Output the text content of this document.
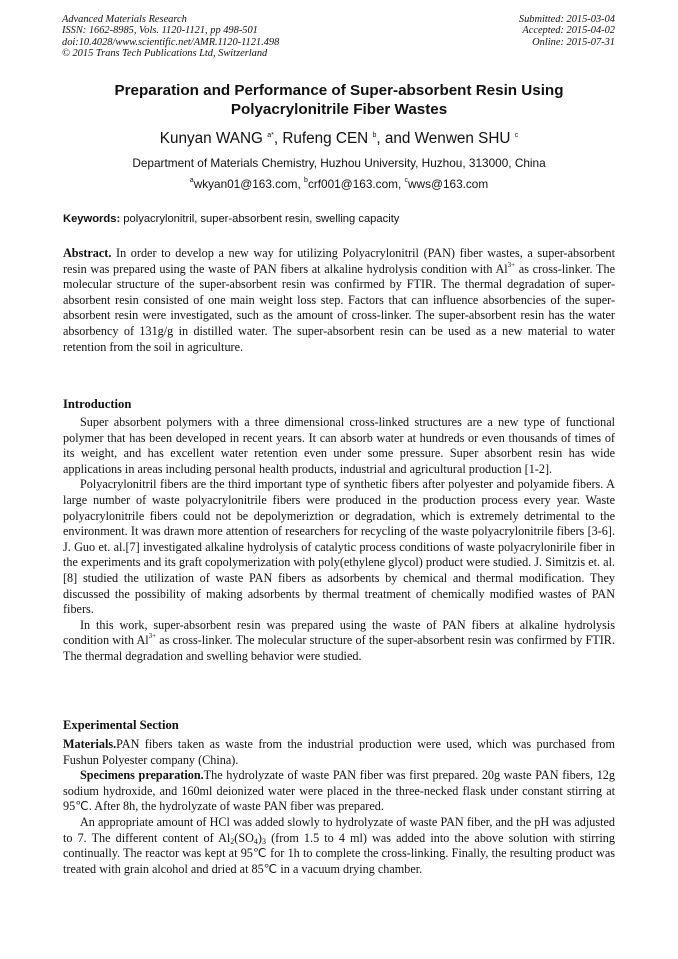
Advanced Materials Research
ISSN: 1662-8985, Vols. 1120-1121, pp 498-501
doi:10.4028/www.scientific.net/AMR.1120-1121.498
© 2015 Trans Tech Publications Ltd, Switzerland
Submitted: 2015-03-04
Accepted: 2015-04-02
Online: 2015-07-31
Preparation and Performance of Super-absorbent Resin Using
Polyacrylonitrile Fiber Wastes
Kunyan WANG $^{a*}$, Rufeng CEN $^b$, and Wenwen SHU $^c$
Department of Materials Chemistry, Huzhou University, Huzhou, 313000, China
$^a$wkyan01@163.com, $^b$crf001@163.com, $^c$wws@163.com
Keywords: polyacrylonitril, super-absorbent resin, swelling capacity

Abstract. In order to develop a new way for utilizing Polyacrylonitril (PAN) fiber wastes, a super-absorbent resin was prepared using the waste of PAN fibers at alkaline hydrolysis condition with $Al^{3+}$ as cross-linker. The molecular structure of the super-absorbent resin was confirmed by FTIR. The thermal degradation of super-absorbent resin consisted of one main weight loss step. Factors that can influence absorbencies of the super-absorbent resin were investigated, such as the amount of cross-linker. The super-absorbent resin has the water absorbency of 131g/g in distilled water. The super-absorbent resin can be used as a new material to water retention from the soil in agriculture.

Introduction

Super absorbent polymers with a three dimensional cross-linked structures are a new type of functional polymer that has been developed in recent years. It can absorb water at hundreds or even thousands of times of its weight, and has excellent water retention even under some pressure. Super absorbent resin has wide applications in areas including personal health products, industrial and agricultural production [1-2].

Polyacrylonitril fibers are the third important type of synthetic fibers after polyester and polyamide fibers. A large number of waste polyacrylonitrile fibers were produced in the production process every year. Waste polyacrylonitrile fibers could not be depolymeriztion or degradation, which is extremely detrimental to the environment. It was drawn more attention of researchers for recycling of the waste polyacrylonitrile fibers [3-6]. J. Guo et. al.[7] investigated alkaline hydrolysis of catalytic process conditions of waste polyacrylonirile fiber in the experiments and its graft copolymerization with poly(ethylene glycol) product were studied. J. Simitzis et. al.[8] studied the utilization of waste PAN fibers as adsorbents by chemical and thermal modification. They discussed the possibility of making adsorbents by thermal treatment of chemically modified wastes of PAN fibers.

In this work, super-absorbent resin was prepared using the waste of PAN fibers at alkaline hydrolysis condition with $Al^{3+}$ as cross-linker. The molecular structure of the super-absorbent resin was confirmed by FTIR. The thermal degradation and swelling behavior were studied.

Experimental Section

Materials.PAN fibers taken as waste from the industrial production were used, which was purchased from Fushun Polyester company (China).

Specimens preparation.The hydrolyzate of waste PAN fiber was first prepared. 20g waste PAN fibers, 12g sodium hydroxide, and 160ml deionized water were placed in the three-necked flask under constant stirring at 95℃. After 8h, the hydrolyzate of waste PAN fiber was prepared.

An appropriate amount of HCl was added slowly to hydrolyzate of waste PAN fiber, and the pH was adjusted to 7. The different content of $Al_2(SO_4)_3$ (from 1.5 to 4 ml) was added into the above solution with stirring continually. The reactor was kept at 95℃ for 1h to complete the cross-linking. Finally, the resulting product was treated with grain alcohol and dried at 85℃ in a vacuum drying chamber.
